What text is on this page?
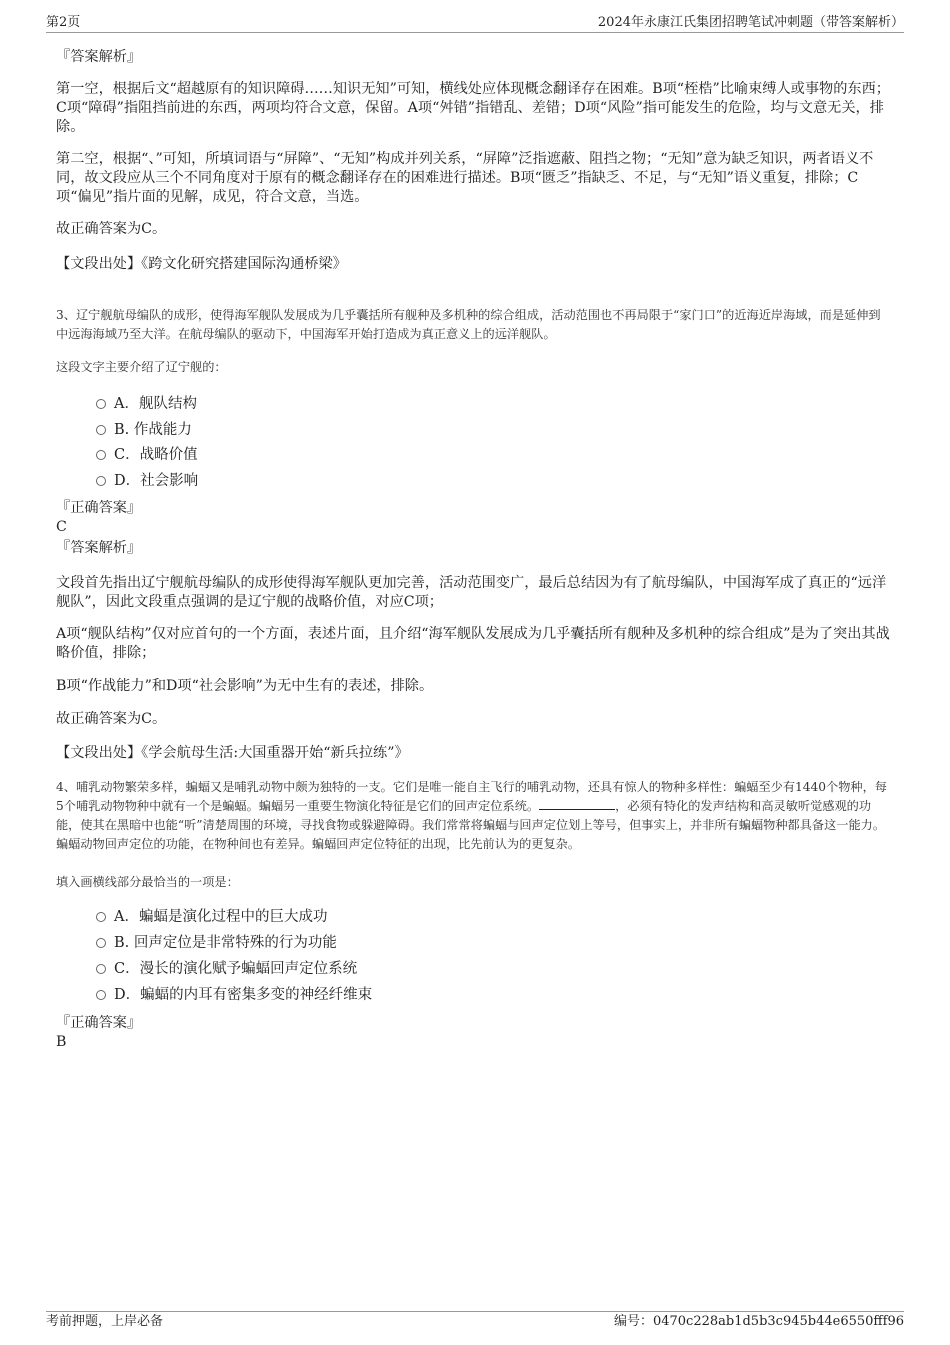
第2页	2024年永康江氏集团招聘笔试冲刺题（带答案解析）
『答案解析』
第一空，根据后文“超越原有的知识障碍……知识无知”可知，横线处应体现概念翻译存在困难。B项“桎梏”比喻束缚人或事物的东西；C项“障碍”指阻挡前进的东西，两项均符合文意，保留。A项“舛错”指错乱、差错；D项“风险”指可能发生的危险，均与文意无关，排除。
第二空，根据“、”可知，所填词语与“屏障”、“无知”构成并列关系，“屏障”泛指遮蔽、阻挡之物；“无知”意为缺乏知识，两者语义不同，故文段应从三个不同角度对于原有的概念翻译存在的困难进行描述。B项“匮乏”指缺乏、不足，与“无知”语义重复，排除；C项“偏见”指片面的见解，成见，符合文意，当选。
故正确答案为C。
【文段出处】《跨文化研究搭建国际沟通桥梁》
3、辽宁舰航母编队的成形，使得海军舰队发展成为几乎囊括所有舰种及多机种的综合组成，活动范围也不再局限于“家门口”的近海近岸海域，而是延伸到中远海海域乃至大洋。在航母编队的驱动下，中国海军开始打造成为真正意义上的远洋舰队。
这段文字主要介绍了辽宁舰的：
A．舰队结构
B. 作战能力
C．战略价值
D．社会影响
『正确答案』
C
『答案解析』
文段首先指出辽宁舰航母编队的成形使得海军舰队更加完善，活动范围变广，最后总结因为有了航母编队，中国海军成了真正的“远洋舰队”，因此文段重点强调的是辽宁舰的战略价值，对应C项；
A项“舰队结构”仅对应首句的一个方面，表述片面，且介绍“海军舰队发展成为几乎囊括所有舰种及多机种的综合组成”是为了突出其战略价值，排除；
B项“作战能力”和D项“社会影响”为无中生有的表述，排除。
故正确答案为C。
【文段出处】《学会航母生活:大国重器开始“新兵拉练”》
4、哺乳动物繁荣多样，蝙蝠又是哺乳动物中颇为独特的一支。它们是唯一能自主飞行的哺乳动物，还具有惊人的物种多样性：蝙蝠至少有1440个物种，每5个哺乳动物物种中就有一个是蝙蝠。蝙蝠另一重要生物演化特征是它们的回声定位系统。	，必须有特化的发声结构和高灵敏听觉感观的功能，使其在黑暗中也能“听”清楚周围的环境，寻找食物或躲避障碍。我们常常将蝙蝠与回声定位划上等号，但事实上，并非所有蝙蝠物种都具备这一能力。蝙蝠动物回声定位的功能，在物种间也有差异。蝙蝠回声定位特征的出现，比先前认为的更复杂。
填入画横线部分最恰当的一项是：
A．蝙蝠是演化过程中的巨大成功
B. 回声定位是非常特殊的行为功能
C．漫长的演化赋予蝙蝠回声定位系统
D．蝙蝠的内耳有密集多变的神经纤维束
『正确答案』
B
考前押题，上岸必备	编号：0470c228ab1d5b3c945b44e6550fff96
